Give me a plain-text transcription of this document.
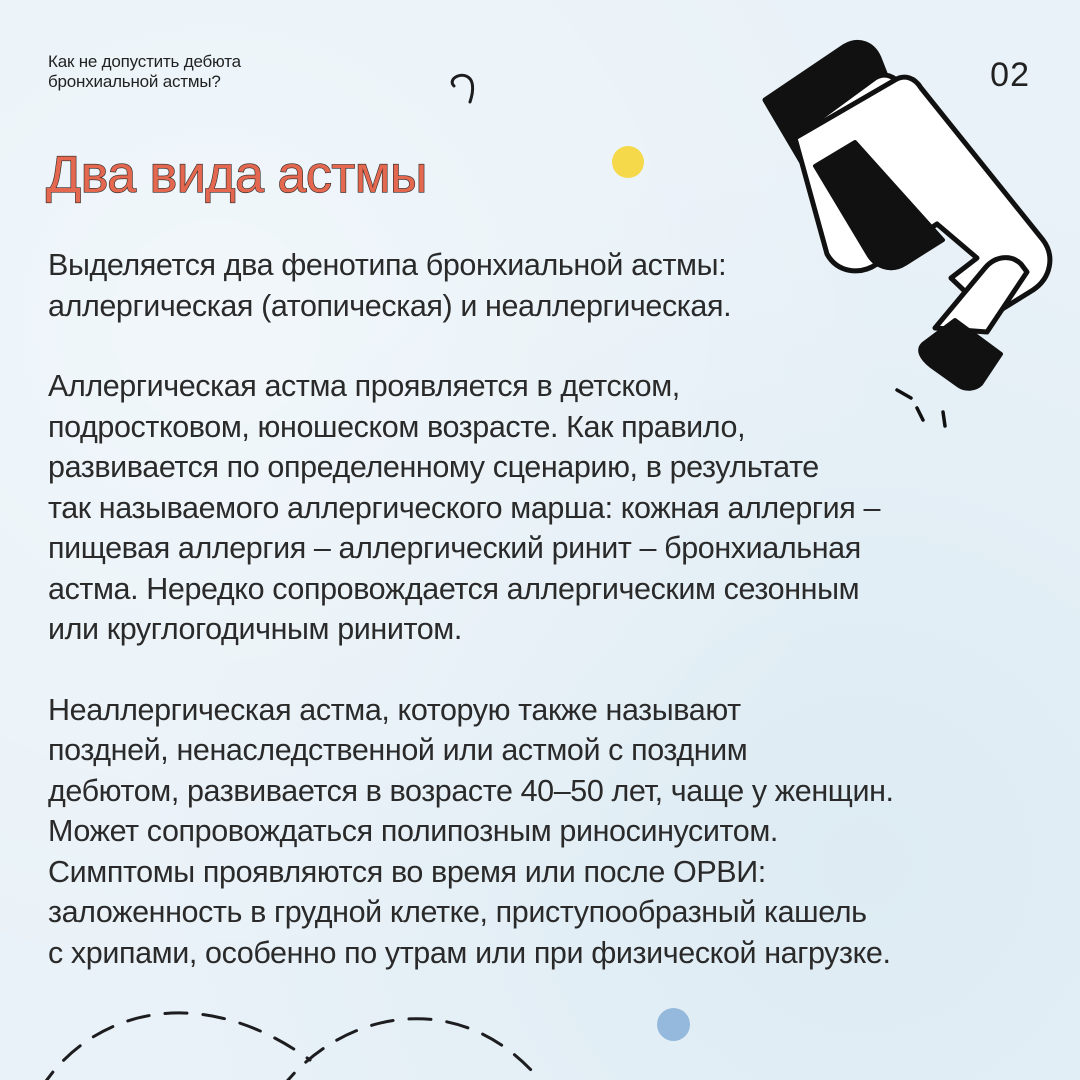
Как не допустить дебюта
бронхиальной астмы?	02
Два вида астмы

Выделяется два фенотипа бронхиальной астмы:
аллергическая (атопическая) и неаллергическая.

Аллергическая астма проявляется в детском,
подростковом, юношеском возрасте. Как правило,
развивается по определенному сценарию, в результате
так называемого аллергического марша: кожная аллергия –
пищевая аллергия – аллергический ринит – бронхиальная
астма. Нередко сопровождается аллергическим сезонным
или круглогодичным ринитом.

Неаллергическая астма, которую также называют
поздней, ненаследственной или астмой с поздним
дебютом, развивается в возрасте 40–50 лет, чаще у женщин.
Может сопровождаться полипозным риносинуситом.
Симптомы проявляются во время или после ОРВИ:
заложенность в грудной клетке, приступообразный кашель
с хрипами, особенно по утрам или при физической нагрузке.
